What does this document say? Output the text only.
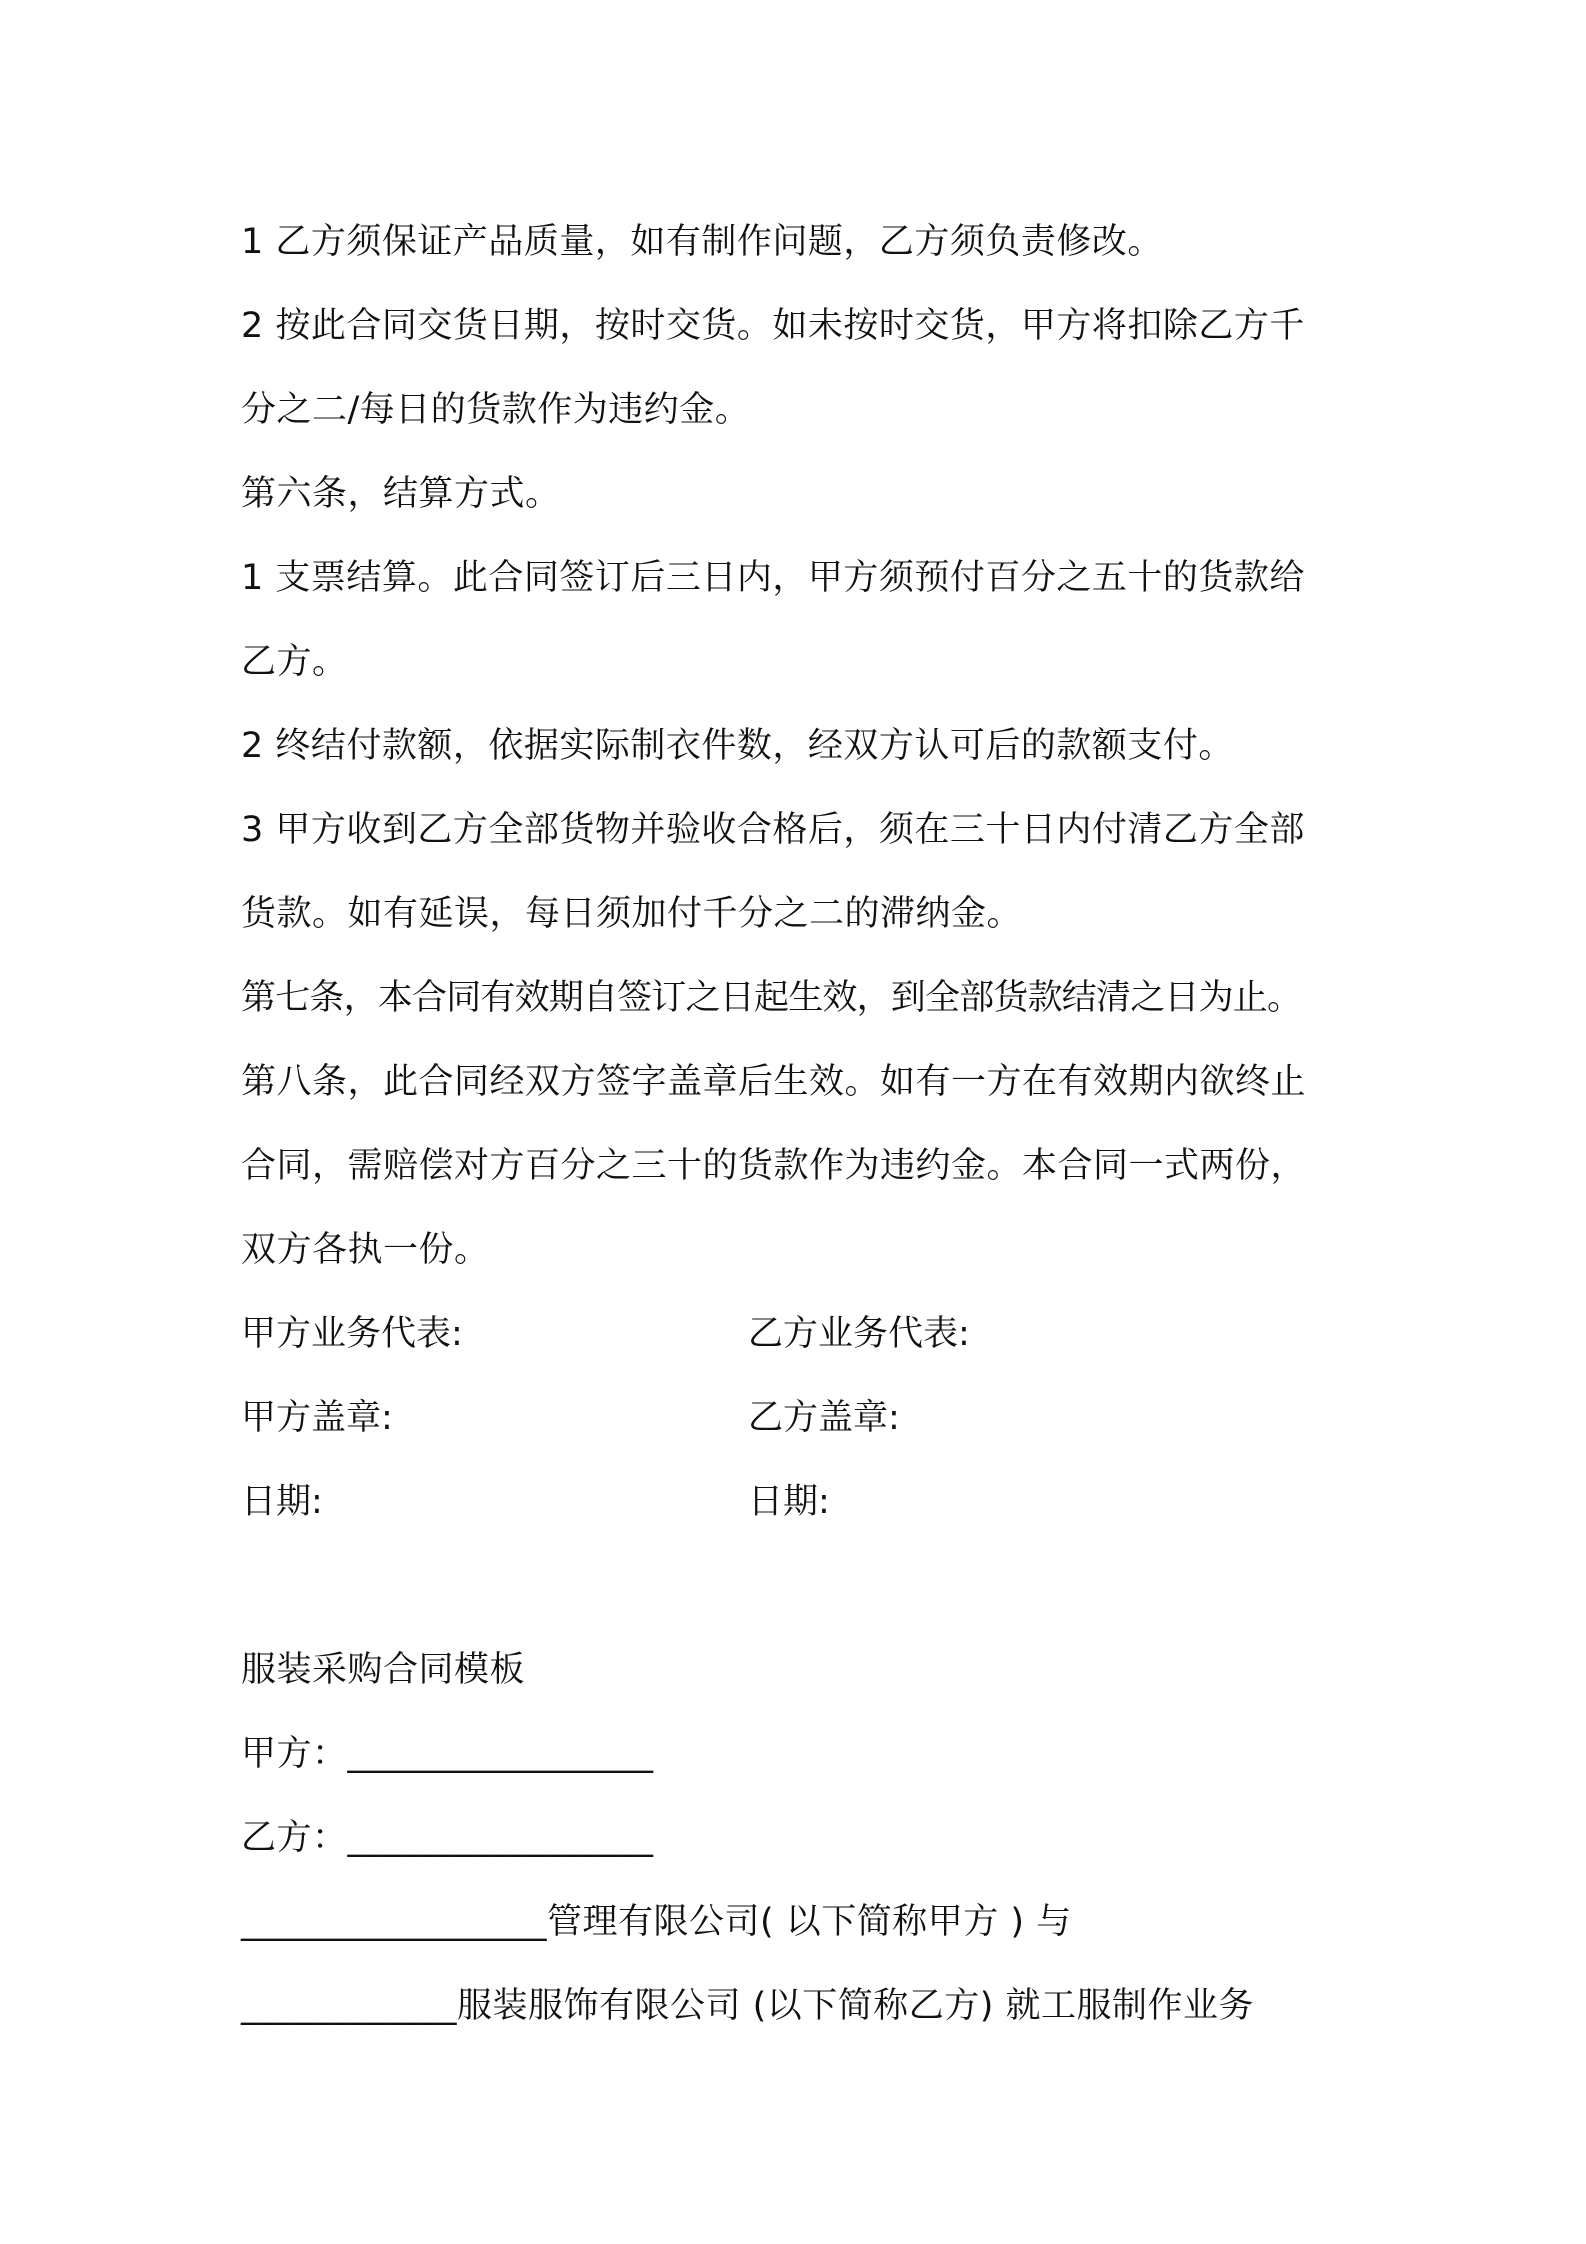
1 乙方须保证产品质量，如有制作问题，乙方须负责修改。
2 按此合同交货日期，按时交货。如未按时交货，甲方将扣除乙方千
分之二/每日的货款作为违约金。
第六条，结算方式。
1 支票结算。此合同签订后三日内，甲方须预付百分之五十的货款给
乙方。
2 终结付款额，依据实际制衣件数，经双方认可后的款额支付。
3 甲方收到乙方全部货物并验收合格后，须在三十日内付清乙方全部
货款。如有延误，每日须加付千分之二的滞纳金。
第七条，本合同有效期自签订之日起生效，到全部货款结清之日为止。
第八条，此合同经双方签字盖章后生效。如有一方在有效期内欲终止
合同，需赔偿对方百分之三十的货款作为违约金。本合同一式两份，
双方各执一份。
甲方业务代表:	乙方业务代表:
甲方盖章:	乙方盖章:
日期:	日期:
服装采购合同模板
甲方：_________________
乙方：_________________
_________________管理有限公司( 以下简称甲方 ) 与
____________服装服饰有限公司 (以下简称乙方) 就工服制作业务
